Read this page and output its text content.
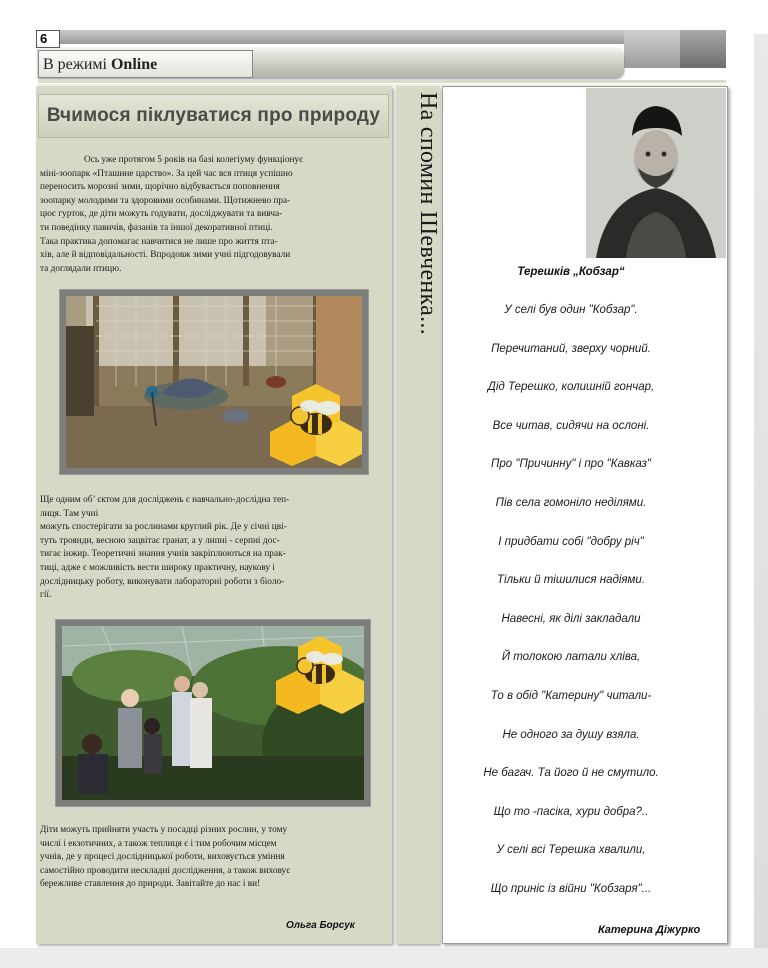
6
В режимі Online
Вчимося піклуватися про природу
Ось уже протягом 5 років на базі колегіуму функціонує
міні-зоопарк «Пташине царство». За цей час вся птиця успішно
переносить морозні зими, щорічно відбувається поповнення
зоопарку молодими та здоровими особинами. Щотижнево пра-
цює гурток, де діти можуть годувати, досліджувати та вивча-
ти поведінку павичів, фазанів та іншої декоративної птиці.
Така практика допомагає навчитися не лише про життя пта-
хів, але й відповідальності. Впродовж зими учні підгодовували
та доглядали птицю.
Ще одним об’ єктом для досліджень є навчально-дослідна теп-
лиця. Там учні
можуть спостерігати за рослинами круглий рік. Де у січні цві-
туть троянди, весною зацвітає гранат, а у липні - серпні дос-
тигає інжир. Теоретичні знання учнів закріплюються на прак-
тиці, адже є можливість вести широку практичну, наукову і
дослідницьку роботу, виконувати лабораторні роботи з біоло-
гії.
Діти можуть прийняти участь у посадці різних рослин, у тому
числі і екзотичних, а також теплиця є і тим робочим місцем
учнів, де у процесі дослідницької роботи, виховується уміння
самостійно проводити нескладні дослідження, а також виховує
бережливе ставлення до природи. Завітайте до нас і ви!
Ольга Борсук
На спомин Шевченка...	Терешків „Кобзар“
У селі був один "Кобзар".
Перечитаний, зверху чорний.
Дід Терешко, колишній гончар,
Все читав, сидячи на ослоні.
Про "Причинну" і про "Кавказ"
Пів села гомоніло неділями.
І придбати собі "добру річ"
Тільки й тішилися надіями.
Навесні, як ділі закладали
Й толокою латали хліва,
То в обід "Катерину" читали-
Не одного за душу взяла.
Не багач. Та його й не смутило.
Що то -пасіка, хури добра?..
У селі всі Терешка хвалили,
Що приніс із війни "Кобзаря"...
Катерина Діжурко
